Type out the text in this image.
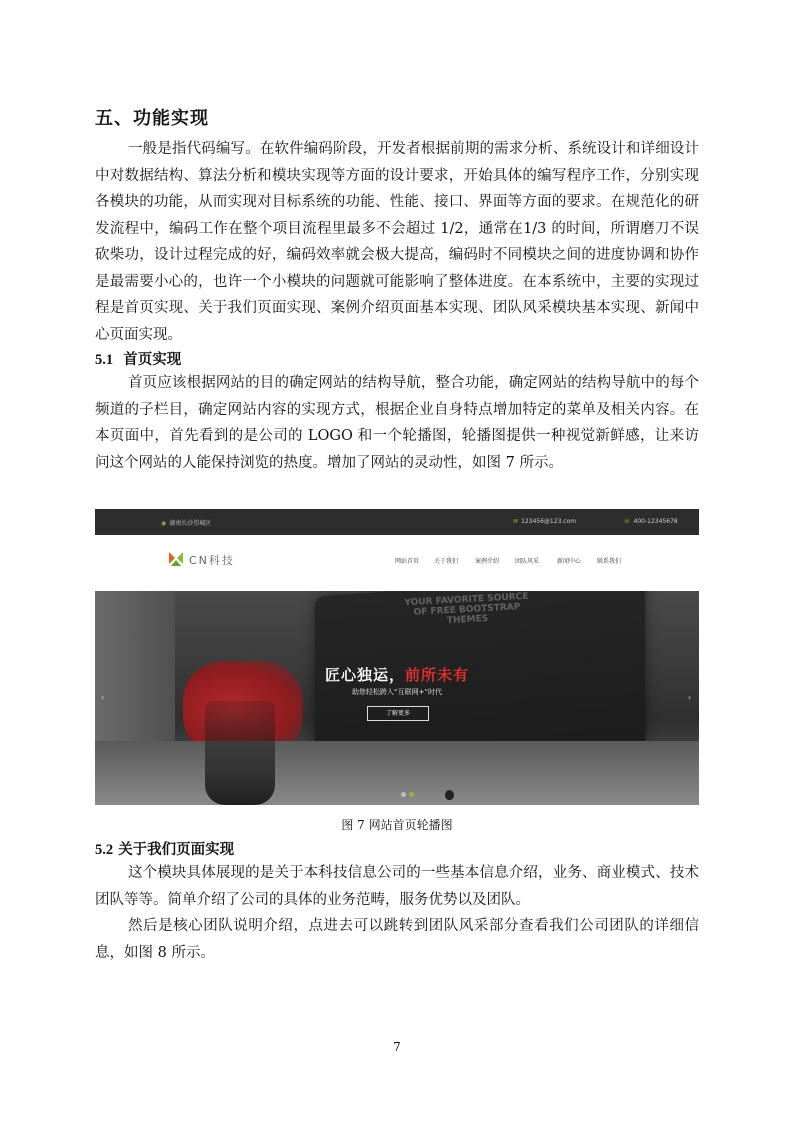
五、功能实现
一般是指代码编写。在软件编码阶段，开发者根据前期的需求分析、系统设计和详细设计中对数据结构、算法分析和模块实现等方面的设计要求，开始具体的编写程序工作，分别实现各模块的功能，从而实现对目标系统的功能、性能、接口、界面等方面的要求。在规范化的研发流程中，编码工作在整个项目流程里最多不会超过 1/2，通常在1/3 的时间，所谓磨刀不误砍柴功，设计过程完成的好，编码效率就会极大提高，编码时不同模块之间的进度协调和协作是最需要小心的，也许一个小模块的问题就可能影响了整体进度。在本系统中，主要的实现过程是首页实现、关于我们页面实现、案例介绍页面基本实现、团队风采模块基本实现、新闻中心页面实现。
5.1 首页实现
首页应该根据网站的目的确定网站的结构导航，整合功能，确定网站的结构导航中的每个频道的子栏目，确定网站内容的实现方式，根据企业自身特点增加特定的菜单及相关内容。在本页面中，首先看到的是公司的 LOGO 和一个轮播图，轮播图提供一种视觉新鲜感，让来访问这个网站的人能保持浏览的热度。增加了网站的灵动性，如图 7 所示。
◉ 湖南长沙望城区	✉ 123456@123.com	☏ 400-12345678
CN科技	网站首页 关于我们	案例介绍	团队风采	新闻中心	联系我们
YOUR FAVORITE SOURCE OF FREE BOOTSTRAP THEMES
匠心独运，前所未有
助您轻松跨入“互联网+”时代
了解更多
‹	›
图 7 网站首页轮播图
5.2 关于我们页面实现
这个模块具体展现的是关于本科技信息公司的一些基本信息介绍，业务、商业模式、技术团队等等。简单介绍了公司的具体的业务范畴，服务优势以及团队。
然后是核心团队说明介绍，点进去可以跳转到团队风采部分查看我们公司团队的详细信息，如图 8 所示。
7
